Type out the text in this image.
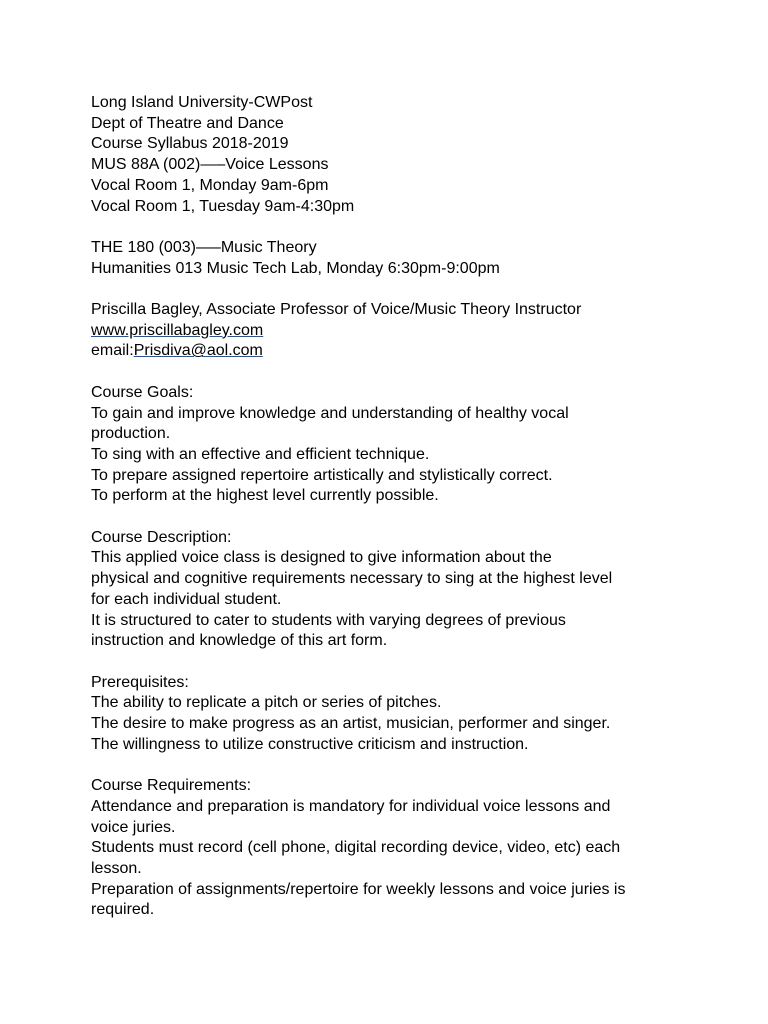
Long Island University-CWPost
Dept of Theatre and Dance
Course Syllabus 2018-2019
MUS 88A (002)—–Voice Lessons
Vocal Room 1, Monday 9am-6pm
Vocal Room 1, Tuesday 9am-4:30pm
THE 180 (003)—–Music Theory
Humanities 013 Music Tech Lab, Monday 6:30pm-9:00pm
Priscilla Bagley, Associate Professor of Voice/Music Theory Instructor
www.priscillabagley.com
email:Prisdiva@aol.com
Course Goals:
To gain and improve knowledge and understanding of healthy vocal
production.
To sing with an effective and efficient technique.
To prepare assigned repertoire artistically and stylistically correct.
To perform at the highest level currently possible.
Course Description:
This applied voice class is designed to give information about the
physical and cognitive requirements necessary to sing at the highest level
for each individual student.
It is structured to cater to students with varying degrees of previous
instruction and knowledge of this art form.
Prerequisites:
The ability to replicate a pitch or series of pitches.
The desire to make progress as an artist, musician, performer and singer.
The willingness to utilize constructive criticism and instruction.
Course Requirements:
Attendance and preparation is mandatory for individual voice lessons and
voice juries.
Students must record (cell phone, digital recording device, video, etc) each
lesson.
Preparation of assignments/repertoire for weekly lessons and voice juries is
required.
